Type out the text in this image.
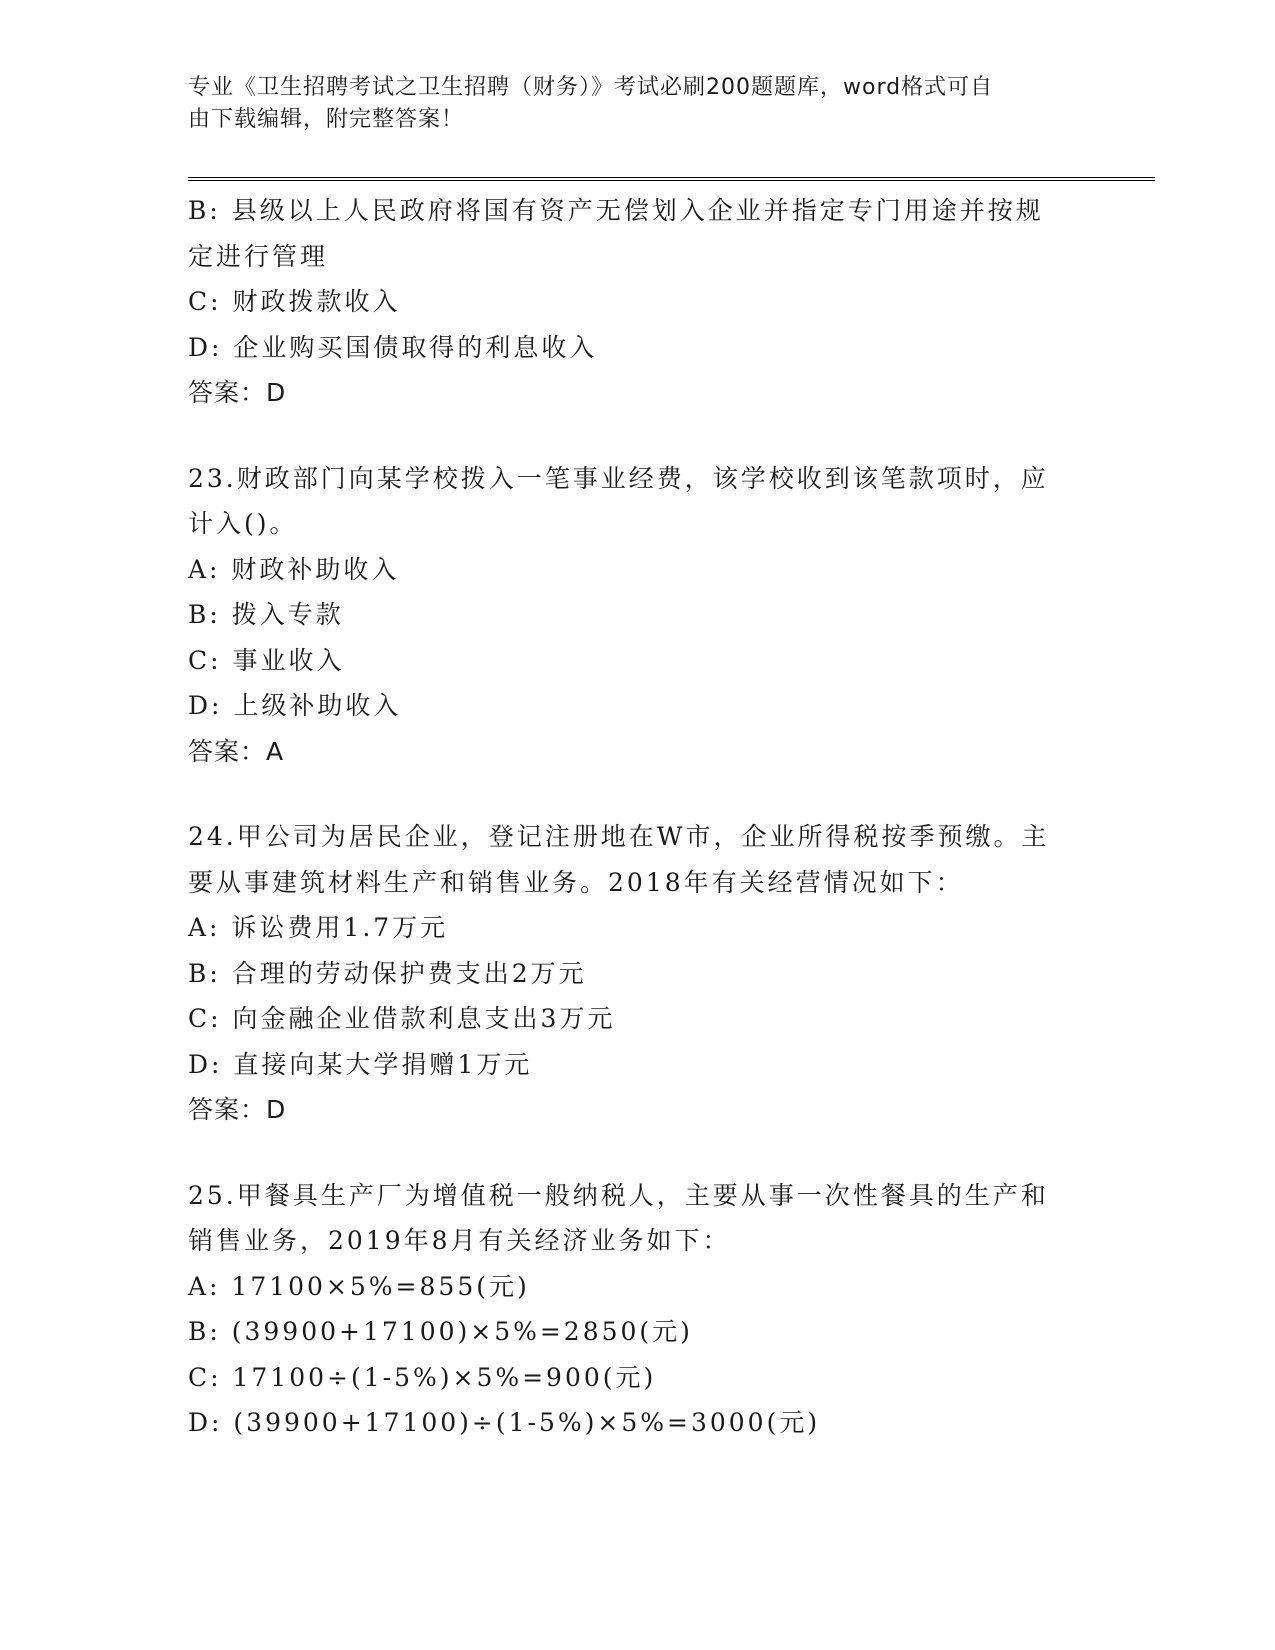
专业《卫生招聘考试之卫生招聘（财务）》考试必刷200题题库，word格式可自
由下载编辑，附完整答案！
B: 县级以上人民政府将国有资产无偿划入企业并指定专门用途并按规
定进行管理
C: 财政拨款收入
D: 企业购买国债取得的利息收入
答案：D
23.财政部门向某学校拨入一笔事业经费，该学校收到该笔款项时，应
计入()。
A: 财政补助收入
B: 拨入专款
C: 事业收入
D: 上级补助收入
答案：A
24.甲公司为居民企业，登记注册地在W市，企业所得税按季预缴。主
要从事建筑材料生产和销售业务。2018年有关经营情况如下：
A: 诉讼费用1.7万元
B: 合理的劳动保护费支出2万元
C: 向金融企业借款利息支出3万元
D: 直接向某大学捐赠1万元
答案：D
25.甲餐具生产厂为增值税一般纳税人，主要从事一次性餐具的生产和
销售业务，2019年8月有关经济业务如下：
A: 17100×5%=855(元)
B: (39900+17100)×5%=2850(元)
C: 17100÷(1-5%)×5%=900(元)
D: (39900+17100)÷(1-5%)×5%=3000(元)
